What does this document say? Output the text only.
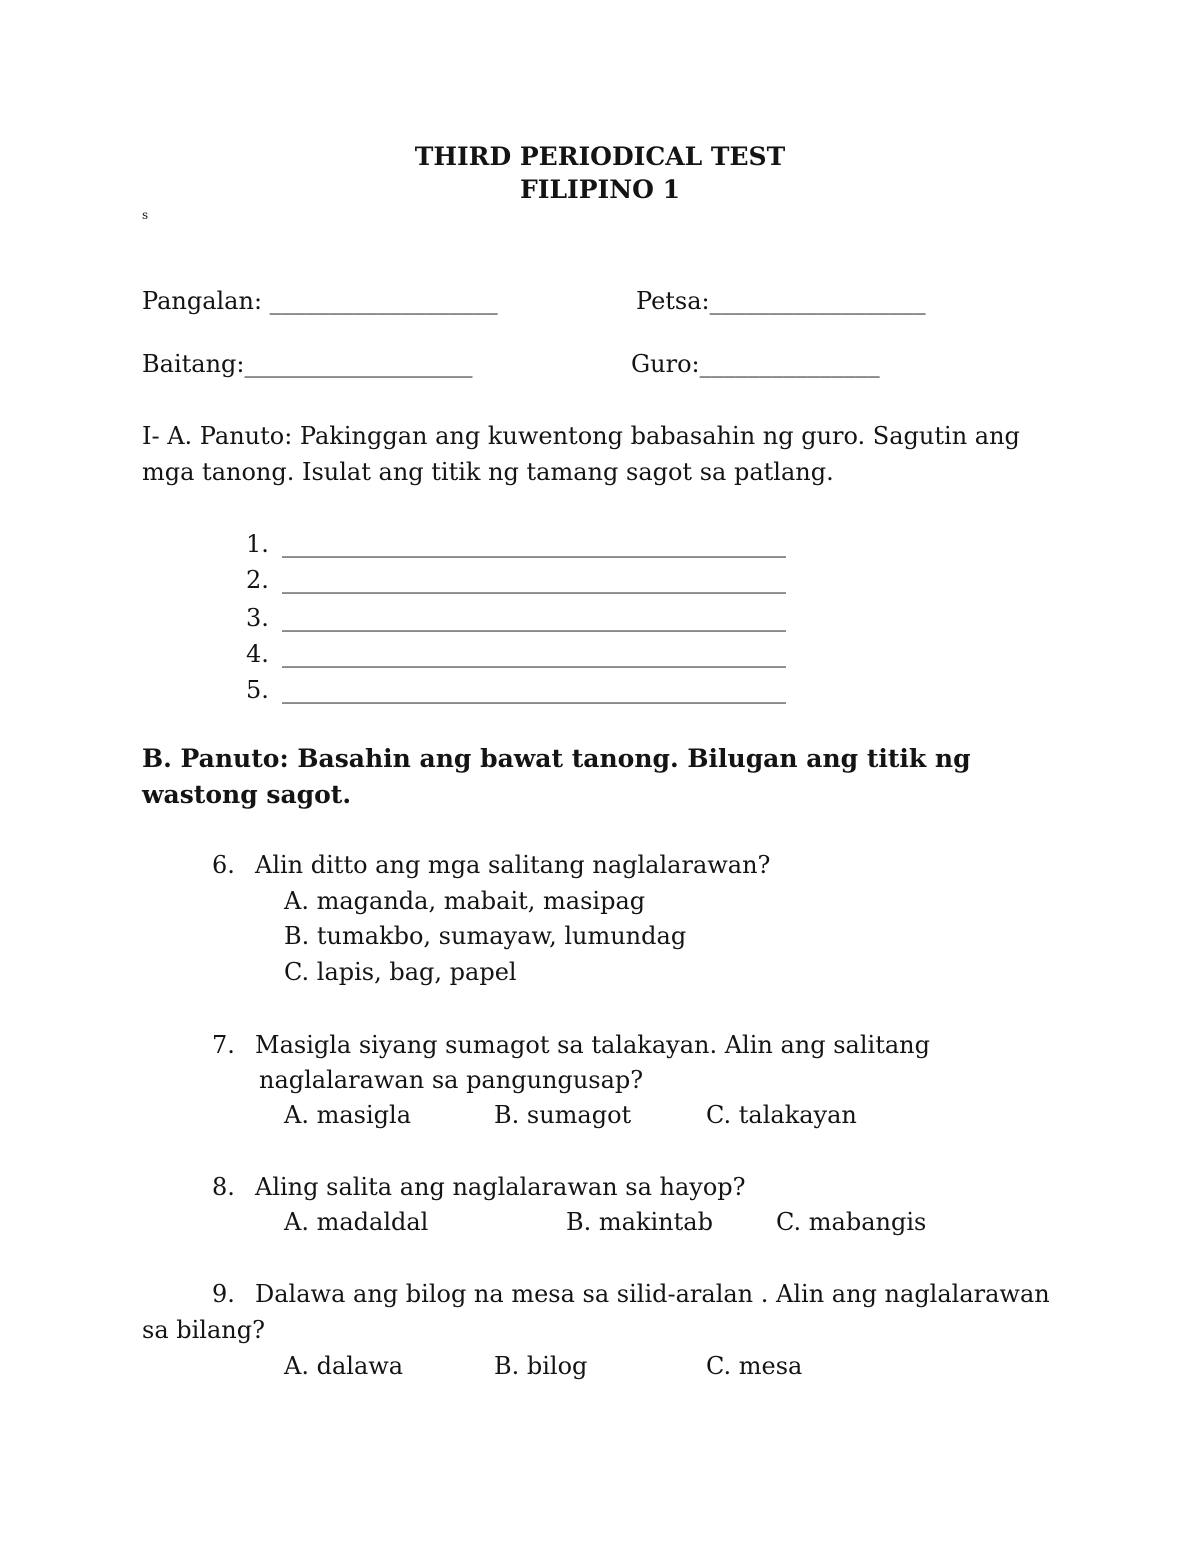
THIRD PERIODICAL TEST
FILIPINO 1
s
Pangalan: ___________________	Petsa:__________________
Baitang:___________________	Guro:_______________
I- A. Panuto: Pakinggan ang kuwentong babasahin ng guro. Sagutin ang
mga tanong. Isulat ang titik ng tamang sagot sa patlang.
1. __________________________________________
2. __________________________________________
3. __________________________________________
4. __________________________________________
5. __________________________________________
B. Panuto: Basahin ang bawat tanong. Bilugan ang titik ng
wastong sagot.
6. Alin ditto ang mga salitang naglalarawan?
A. maganda, mabait, masipag
B. tumakbo, sumayaw, lumundag
C. lapis, bag, papel
7. Masigla siyang sumagot sa talakayan. Alin ang salitang
naglalarawan sa pangungusap?
A. masigla	B. sumagot	C. talakayan
8. Aling salita ang naglalarawan sa hayop?
A. madaldal	B. makintab	C. mabangis
9. Dalawa ang bilog na mesa sa silid-aralan . Alin ang naglalarawan
sa bilang?
A. dalawa	B. bilog	C. mesa
